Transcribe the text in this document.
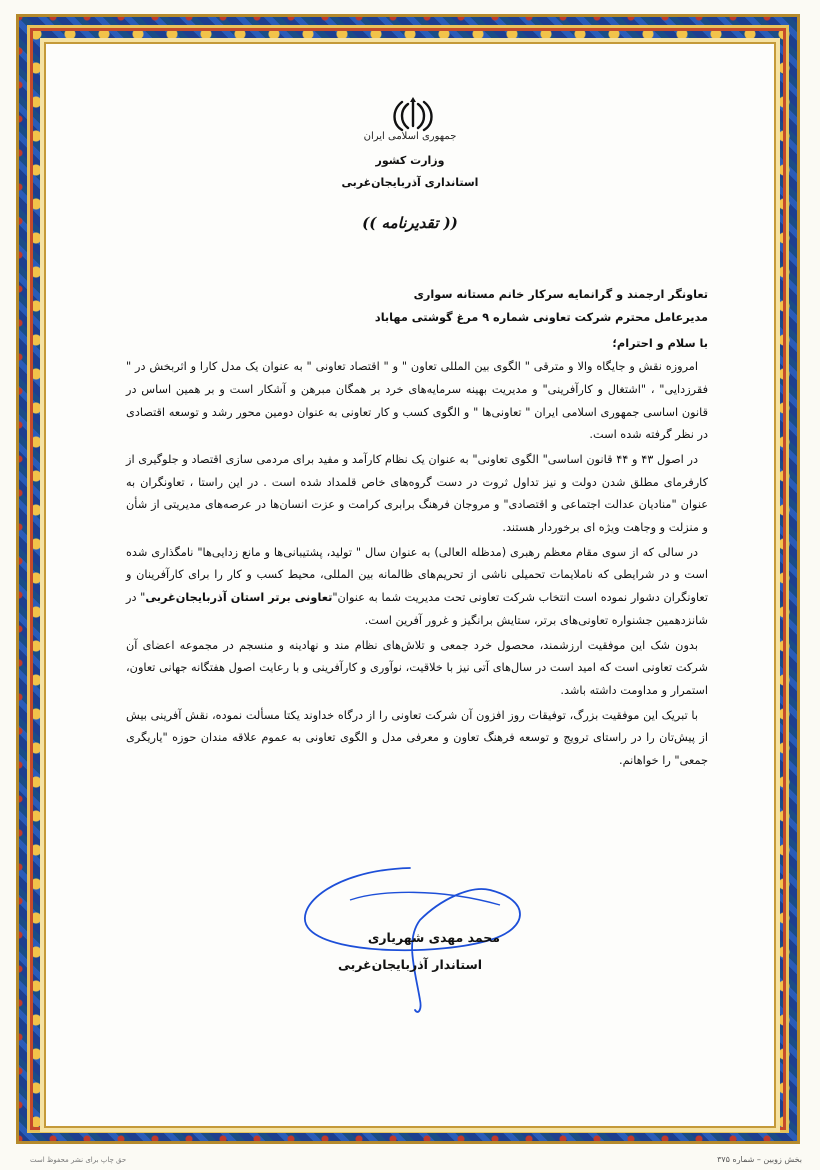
جمهوری اسلامی ایران
وزارت کشور
استانداری آذربایجان‌غربی
(( تقدیرنامه ))

تعاونگر ارجمند و گرانمایه سرکار خانم مستانه سواری

مدیرعامل محترم شرکت تعاونی شماره ۹ مرغ گوشتی مهاباد

با سلام و احترام؛

امروزه نقش و جایگاه والا و مترقی " الگوی بین المللی تعاون " و " اقتصاد تعاونی " به عنوان یک مدل کارا و اثربخش در " فقرزدایی" ، "اشتغال و کارآفرینی" و مدیریت بهینه سرمایه‌های خرد بر همگان مبرهن و آشکار است و بر همین اساس در قانون اساسی جمهوری اسلامی ایران " تعاونی‌ها " و الگوی کسب و کار تعاونی به عنوان دومین محور رشد و توسعه اقتصادی در نظر گرفته شده است.

در اصول ۴۳ و ۴۴ قانون اساسی" الگوی تعاونی" به عنوان یک نظام کارآمد و مفید برای مردمی سازی اقتصاد و جلوگیری از کارفرمای مطلق شدن دولت و نیز تداول ثروت در دست گروه‌های خاص قلمداد شده است . در این راستا ، تعاونگران به عنوان "منادیان عدالت اجتماعی و اقتصادی" و مروجان فرهنگ برابری کرامت و عزت انسان‌ها در عرصه‌های مدیریتی از شأن و منزلت و وجاهت ویژه ای برخوردار هستند.

در سالی که از سوی مقام معظم رهبری (مدظله العالی) به عنوان سال " تولید، پشتیبانی‌ها و مانع زدایی‌ها" نامگذاری شده است و در شرایطی که ناملایمات تحمیلی ناشی از تحریم‌های ظالمانه بین المللی، محیط کسب و کار را برای کارآفرینان و تعاونگران دشوار نموده است انتخاب شرکت تعاونی تحت مدیریت شما به عنوان"تعاونی برتر استان آذربایجان‌غربی" در شانزدهمین جشنواره تعاونی‌های برتر، ستایش برانگیز و غرور آفرین است.

بدون شک این موفقیت ارزشمند، محصول خرد جمعی و تلاش‌های نظام مند و نهادینه و منسجم در مجموعه اعضای آن شرکت تعاونی است که امید است در سال‌های آتی نیز با خلاقیت، نوآوری و کارآفرینی و با رعایت اصول هفتگانه جهانی تعاون، استمرار و مداومت داشته باشد.

با تبریک این موفقیت بزرگ، توفیقات روز افزون آن شرکت تعاونی را از درگاه خداوند یکتا مسألت نموده، نقش آفرینی بیش از پیش‌تان را در راستای ترویج و توسعه فرهنگ تعاون و معرفی مدل و الگوی تعاونی به عموم علاقه مندان حوزه "یاریگری جمعی" را خواهانم.

محمد مهدی شهریاری
استاندار آذربایجان‌غربی
بخش زوبین – شماره ۳۷۵
حق چاپ برای نشر محفوظ است
